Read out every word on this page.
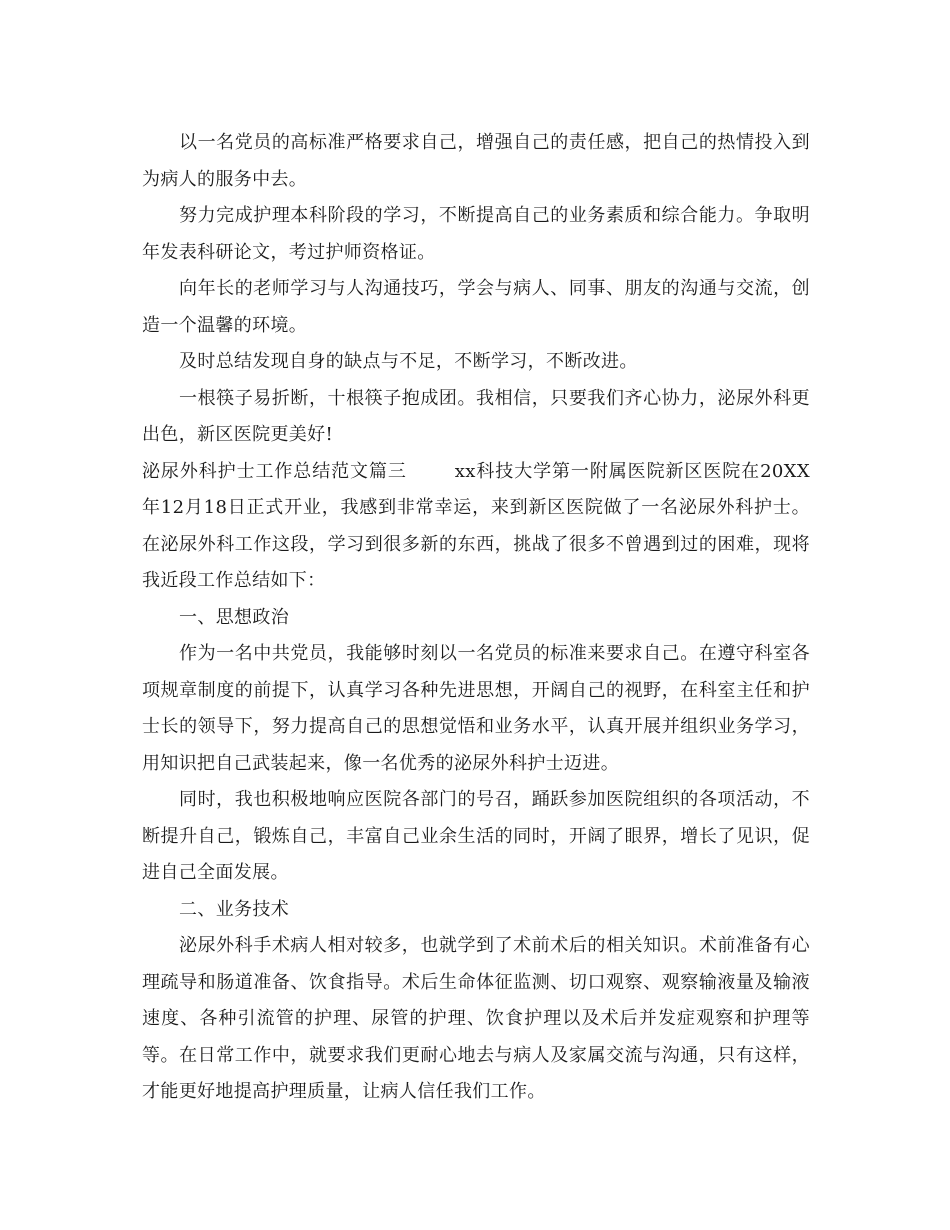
以一名党员的高标准严格要求自己，增强自己的责任感，把自己的热情投入到为病人的服务中去。

努力完成护理本科阶段的学习，不断提高自己的业务素质和综合能力。争取明年发表科研论文，考过护师资格证。

向年长的老师学习与人沟通技巧，学会与病人、同事、朋友的沟通与交流，创造一个温馨的环境。

及时总结发现自身的缺点与不足，不断学习，不断改进。

一根筷子易折断，十根筷子抱成团。我相信，只要我们齐心协力，泌尿外科更出色，新区医院更美好!

泌尿外科护士工作总结范文篇三	xx科技大学第一附属医院新区医院在20XX年12月18日正式开业，我感到非常幸运，来到新区医院做了一名泌尿外科护士。在泌尿外科工作这段，学习到很多新的东西，挑战了很多不曾遇到过的困难，现将我近段工作总结如下：

一、思想政治

作为一名中共党员，我能够时刻以一名党员的标准来要求自己。在遵守科室各项规章制度的前提下，认真学习各种先进思想，开阔自己的视野，在科室主任和护士长的领导下，努力提高自己的思想觉悟和业务水平，认真开展并组织业务学习，用知识把自己武装起来，像一名优秀的泌尿外科护士迈进。

同时，我也积极地响应医院各部门的号召，踊跃参加医院组织的各项活动，不断提升自己，锻炼自己，丰富自己业余生活的同时，开阔了眼界，增长了见识，促进自己全面发展。

二、业务技术

泌尿外科手术病人相对较多，也就学到了术前术后的相关知识。术前准备有心理疏导和肠道准备、饮食指导。术后生命体征监测、切口观察、观察输液量及输液速度、各种引流管的护理、尿管的护理、饮食护理以及术后并发症观察和护理等等。在日常工作中，就要求我们更耐心地去与病人及家属交流与沟通，只有这样，才能更好地提高护理质量，让病人信任我们工作。
